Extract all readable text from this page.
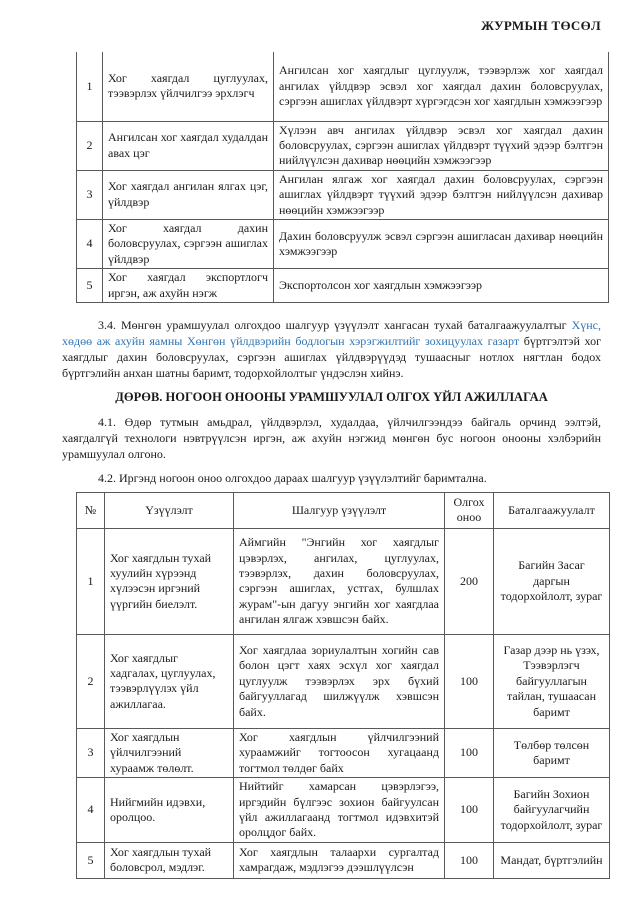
ЖУРМЫН ТӨСӨЛ
1	Хог хаягдал цуглуулах, тээвэрлэх үйлчилгээ эрхлэгч	Ангилсан хог хаягдлыг цуглуулж, тээвэрлэж хог хаягдал ангилах үйлдвэр эсвэл хог хаягдал дахин боловсруулах, сэргээн ашиглах үйлдвэрт хүргэгдсэн хог хаягдлын хэмжээгээр
2	Ангилсан хог хаягдал худалдан авах цэг	Хүлээн авч ангилах үйлдвэр эсвэл хог хаягдал дахин боловсруулах, сэргээн ашиглах үйлдвэрт түүхий эдээр бэлтгэн нийлүүлсэн дахивар нөөцийн хэмжээгээр
3	Хог хаягдал ангилан ялгах цэг, үйлдвэр	Ангилан ялгаж хог хаягдал дахин боловсруулах, сэргээн ашиглах үйлдвэрт түүхий эдээр бэлтгэн нийлүүлсэн дахивар нөөцийн хэмжээгээр
4	Хог хаягдал дахин боловсруулах, сэргээн ашиглах үйлдвэр	Дахин боловсруулж эсвэл сэргээн ашигласан дахивар нөөцийн хэмжээгээр
5	Хог хаягдал экспортлогч иргэн, аж ахуйн нэгж	Экспортолсон хог хаягдлын хэмжээгээр

3.4. Мөнгөн урамшуулал олгохдоо шалгуур үзүүлэлт хангасан тухай баталгаажуулалтыг Хүнс, хөдөө аж ахуйн яамны Хөнгөн үйлдвэрийн бодлогын хэрэгжилтийг зохицуулах газарт бүртгэлтэй хог хаягдлыг дахин боловсруулах, сэргээн ашиглах үйлдвэрүүдэд тушаасныг нотлох нягтлан бодох бүртгэлийн анхан шатны баримт, тодорхойлолтыг үндэслэн хийнэ.

ДӨРӨВ. НОГООН ОНООНЫ УРАМШУУЛАЛ ОЛГОХ ҮЙЛ АЖИЛЛАГАА

4.1. Өдөр тутмын амьдрал, үйлдвэрлэл, худалдаа, үйлчилгээндээ байгаль орчинд ээлтэй, хаягдалгүй технологи нэвтрүүлсэн иргэн, аж ахуйн нэгжид мөнгөн бус ногоон онооны хэлбэрийн урамшуулал олгоно.

4.2. Иргэнд ногоон оноо олгохдоо дараах шалгуур үзүүлэлтийг баримтална.

№	Үзүүлэлт	Шалгуур үзүүлэлт	Олгох оноо	Баталгаажуулалт
1	Хог хаягдлын тухай хуулийн хүрээнд хүлээсэн иргэний үүргийн биелэлт.	Аймгийн "Энгийн хог хаягдлыг цэвэрлэх, ангилах, цуглуулах, тээвэрлэх, дахин боловсруулах, сэргээн ашиглах, устгах, булшлах журам"-ын дагуу энгийн хог хаягдлаа ангилан ялгаж хэвшсэн байх.	200	Багийн Засаг даргын тодорхойлолт, зураг
2	Хог хаягдлыг хадгалах, цуглуулах, тээвэрлүүлэх үйл ажиллагаа.	Хог хаягдлаа зориулалтын хогийн сав болон цэгт хаях эсхүл хог хаягдал цуглуулж тээвэрлэх эрх бүхий байгууллагад шилжүүлж хэвшсэн байх.	100	Газар дээр нь үзэх, Тээвэрлэгч байгууллагын тайлан, тушаасан баримт
3	Хог хаягдлын үйлчилгээний хураамж төлөлт.	Хог хаягдлын үйлчилгээний хураамжийг тогтоосон хугацаанд тогтмол төлдөг байх	100	Төлбөр төлсөн баримт
4	Нийгмийн идэвхи, оролцоо.	Нийтийг хамарсан цэвэрлэгээ, иргэдийн бүлгээс зохион байгуулсан үйл ажиллагаанд тогтмол идэвхитэй оролцдог байх.	100	Багийн Зохион байгуулагчийн тодорхойлолт, зураг
5	Хог хаягдлын тухай боловсрол, мэдлэг.	Хог хаягдлын талаархи сургалтад хамрагдаж, мэдлэгээ дээшлүүлсэн	100	Мандат, бүртгэлийн
